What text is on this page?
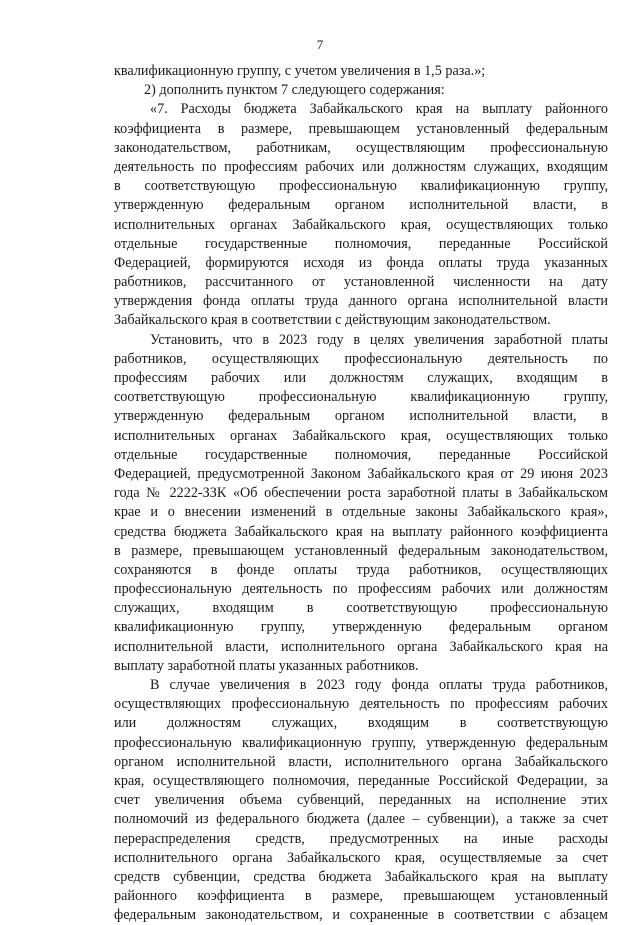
7
квалификационную группу, с учетом увеличения в 1,5 раза.»;
2) дополнить пунктом 7 следующего содержания:
«7. Расходы бюджета Забайкальского края на выплату районного
коэффициента в размере, превышающем установленный федеральным
законодательством, работникам, осуществляющим профессиональную
деятельность по профессиям рабочих или должностям служащих, входящим
в соответствующую профессиональную квалификационную группу,
утвержденную федеральным органом исполнительной власти, в
исполнительных органах Забайкальского края, осуществляющих только
отдельные государственные полномочия, переданные Российской
Федерацией, формируются исходя из фонда оплаты труда указанных
работников, рассчитанного от установленной численности на дату
утверждения фонда оплаты труда данного органа исполнительной власти
Забайкальского края в соответствии с действующим законодательством.
Установить, что в 2023 году в целях увеличения заработной платы
работников, осуществляющих профессиональную деятельность по
профессиям рабочих или должностям служащих, входящим в
соответствующую профессиональную квалификационную группу,
утвержденную федеральным органом исполнительной власти, в
исполнительных органах Забайкальского края, осуществляющих только
отдельные государственные полномочия, переданные Российской
Федерацией, предусмотренной Законом Забайкальского края от 29 июня 2023
года № 2222-ЗЗК «Об обеспечении роста заработной платы в Забайкальском
крае и о внесении изменений в отдельные законы Забайкальского края»,
средства бюджета Забайкальского края на выплату районного коэффициента
в размере, превышающем установленный федеральным законодательством,
сохраняются в фонде оплаты труда работников, осуществляющих
профессиональную деятельность по профессиям рабочих или должностям
служащих, входящим в соответствующую профессиональную
квалификационную группу, утвержденную федеральным органом
исполнительной власти, исполнительного органа Забайкальского края на
выплату заработной платы указанных работников.
В случае увеличения в 2023 году фонда оплаты труда работников,
осуществляющих профессиональную деятельность по профессиям рабочих
или должностям служащих, входящим в соответствующую
профессиональную квалификационную группу, утвержденную федеральным
органом исполнительной власти, исполнительного органа Забайкальского
края, осуществляющего полномочия, переданные Российской Федерации, за
счет увеличения объема субвенций, переданных на исполнение этих
полномочий из федерального бюджета (далее – субвенции), а также за счет
перераспределения средств, предусмотренных на иные расходы
исполнительного органа Забайкальского края, осуществляемые за счет
средств субвенции, средства бюджета Забайкальского края на выплату
районного коэффициента в размере, превышающем установленный
федеральным законодательством, и сохраненные в соответствии с абзацем
